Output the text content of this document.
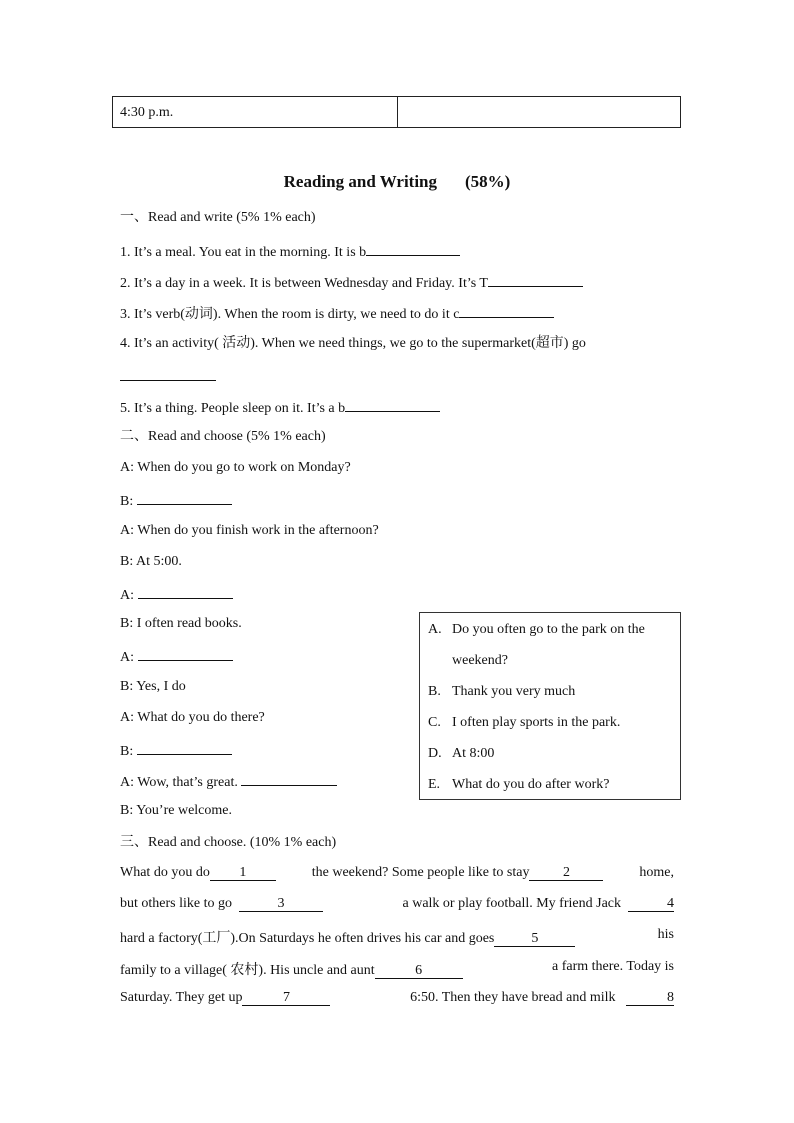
4:30 p.m.
Reading and Writing (58%)
一、Read and write (5% 1% each)
1. It’s a meal. You eat in the morning. It is b
2. It’s a day in a week. It is between Wednesday and Friday. It’s T
3. It’s verb(动词). When the room is dirty, we need to do it c
4. It’s an activity( 活动). When we need things, we go to the supermarket(超市) go
5. It’s a thing. People sleep on it. It’s a b
二、Read and choose (5% 1% each)
A: When do you go to work on Monday?
B:
A: When do you finish work in the afternoon?
B: At 5:00.
A:
B: I often read books.
A:
B: Yes, I do
A: What do you do there?
B:
A: Wow, that’s great.
B: You’re welcome.
A. Do you often go to the park on the
weekend?
B. Thank you very much
C. I often play sports in the park.
D. At 8:00
E. What do you do after work?
三、Read and choose. (10% 1% each)
What do you do 1	the weekend? Some people like to stay 2	home,
but others like to go	3	a walk or play football. My friend Jack	4
hard a factory(工厂).On Saturdays he often drives his car and goes	5	his
family to a village( 农村). His uncle and aunt	6	a farm there. Today is
Saturday. They get up	7	6:50. Then they have bread and milk	8
